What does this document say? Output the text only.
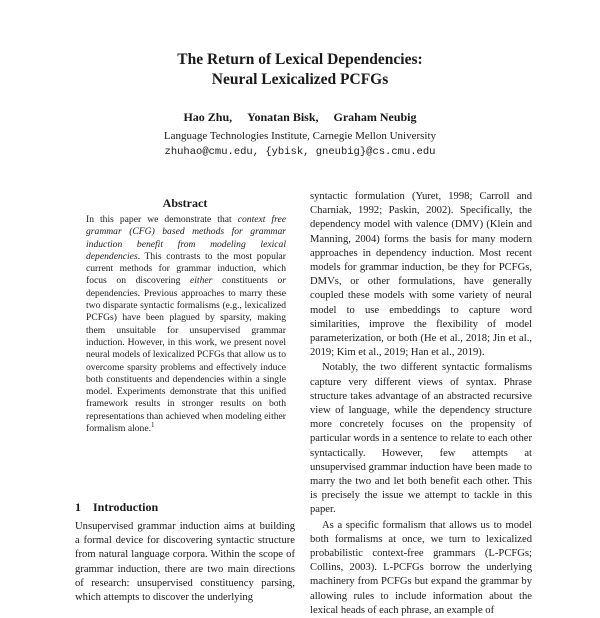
The Return of Lexical Dependencies:
Neural Lexicalized PCFGs
Hao Zhu, Yonatan Bisk, Graham Neubig
Language Technologies Institute, Carnegie Mellon University
zhuhao@cmu.edu, {ybisk, gneubig}@cs.cmu.edu
Abstract
In this paper we demonstrate that context free grammar (CFG) based methods for grammar induction benefit from modeling lexical dependencies. This contrasts to the most popular current methods for grammar induction, which focus on discovering either constituents or dependencies. Previous approaches to marry these two disparate syntactic formalisms (e.g., lexicalized PCFGs) have been plagued by sparsity, making them unsuitable for unsupervised grammar induction. However, in this work, we present novel neural models of lexicalized PCFGs that allow us to overcome sparsity problems and effectively induce both constituents and dependencies within a single model. Experiments demonstrate that this unified framework results in stronger results on both representations than achieved when modeling either formalism alone.$^1$
1 Introduction
Unsupervised grammar induction aims at building a formal device for discovering syntactic structure from natural language corpora. Within the scope of grammar induction, there are two main directions of research: unsupervised constituency parsing, which attempts to discover the underlying

syntactic formulation (Yuret, 1998; Carroll and Charniak, 1992; Paskin, 2002). Specifically, the dependency model with valence (DMV) (Klein and Manning, 2004) forms the basis for many modern approaches in dependency induction. Most recent models for grammar induction, be they for PCFGs, DMVs, or other formulations, have generally coupled these models with some variety of neural model to use embeddings to capture word similarities, improve the flexibility of model parameterization, or both (He et al., 2018; Jin et al., 2019; Kim et al., 2019; Han et al., 2019).

Notably, the two different syntactic formalisms capture very different views of syntax. Phrase structure takes advantage of an abstracted recursive view of language, while the dependency structure more concretely focuses on the propensity of particular words in a sentence to relate to each other syntactically. However, few attempts at unsupervised grammar induction have been made to marry the two and let both benefit each other. This is precisely the issue we attempt to tackle in this paper.

As a specific formalism that allows us to model both formalisms at once, we turn to lexicalized probabilistic context-free grammars (L-PCFGs; Collins, 2003). L-PCFGs borrow the underlying machinery from PCFGs but expand the grammar by allowing rules to include information about the lexical heads of each phrase, an example of
